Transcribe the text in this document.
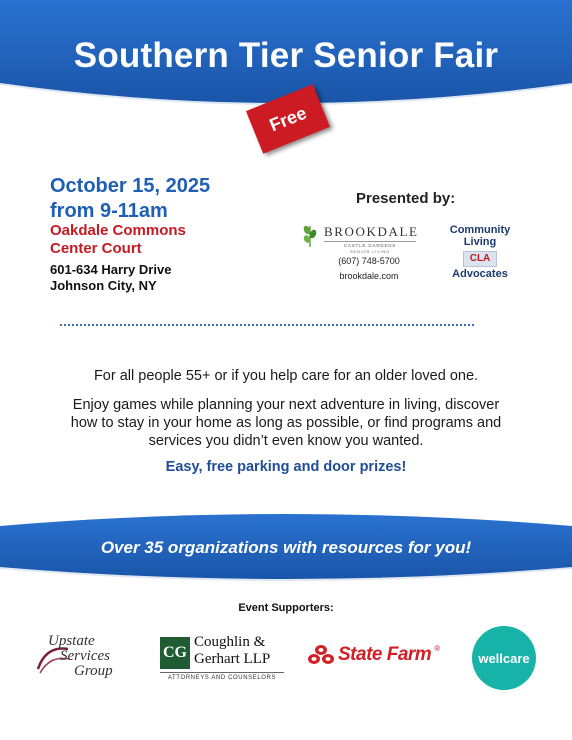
Southern Tier Senior Fair
Free
October 15, 2025
from 9-11am
Oakdale Commons
Center Court
601-634 Harry Drive
Johnson City, NY
Presented by:
BROOKDALE
CASTLE GARDENS
SENIOR LIVING
(607) 748-5700
brookdale.com
Community
Living
CLA
Advocates
For all people 55+ or if you help care for an older loved one.
Enjoy games while planning your next adventure in living, discover
how to stay in your home as long as possible, or find programs and
services you didn’t even know you wanted.
Easy, free parking and door prizes!
Over 35 organizations with resources for you!
Event Supporters:
Upstate
Services
Group
CG
Coughlin &
Gerhart LLP
ATTORNEYS AND COUNSELORS
State Farm ®
wellcare
